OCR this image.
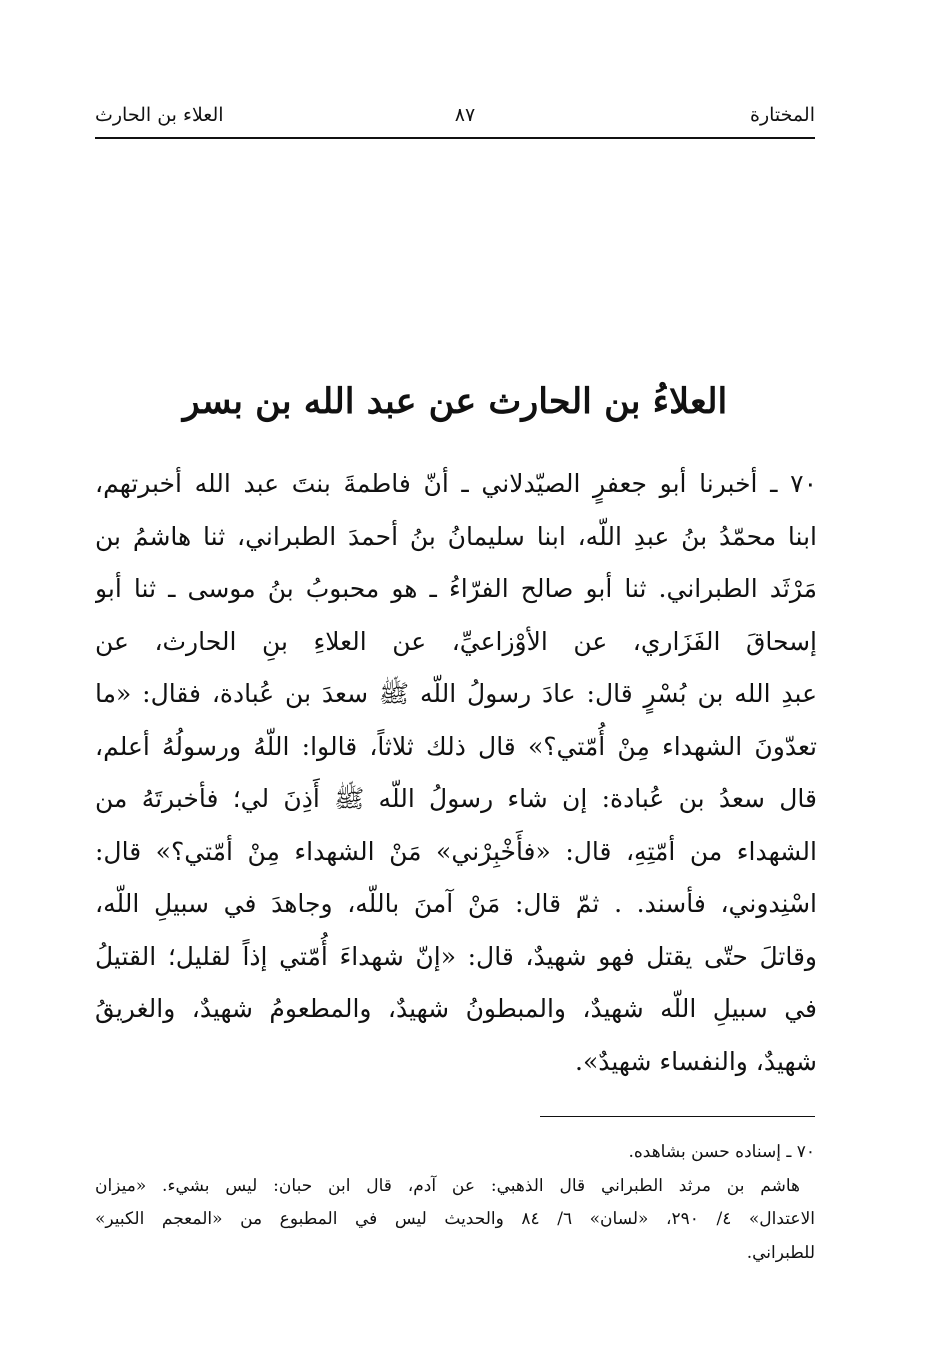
المختارة
٨٧
العلاء بن الحارث
العلاءُ بن الحارث عن عبد الله بن بسر
٧٠ ـ أخبرنا أبو جعفرٍ الصيّدلاني ـ أنّ فاطمةَ بنتَ عبد الله أخبرتهم،
ابنا محمّدُ بنُ عبدِ اللّه، ابنا سليمانُ بنُ أحمدَ الطبراني، ثنا هاشمُ بن
مَرْثَد الطبراني. ثنا أبو صالح الفرّاءُ ـ هو محبوبُ بنُ موسى ـ ثنا أبو
إسحاقَ الفَزَاري، عن الأوْزاعيِّ، عن العلاءِ بنِ الحارث، عن
عبدِ الله بن بُسْرٍ قال: عادَ رسولُ اللّه ﷺ سعدَ بن عُبادة، فقال: «ما
تعدّونَ الشهداء مِنْ أُمّتي؟» قال ذلك ثلاثاً، قالوا: اللّهُ ورسولُهُ أعلم،
قال سعدُ بن عُبادة: إن شاء رسولُ اللّه ﷺ أَذِنَ لي؛ فأخبرتَهُ من
الشهداء من أمّتِهِ، قال: «فأَخْبِرْني» مَنْ الشهداء مِنْ أمّتي؟» قال:
اسْنِدوني، فأسند. . ثمّ قال: مَنْ آمنَ باللّه، وجاهدَ في سبيلِ اللّه،
وقاتلَ حتّى يقتل فهو شهيدٌ، قال: «إنّ شهداءَ أُمّتي إذاً لقليل؛ القتيلُ
في سبيلِ اللّه شهيدٌ، والمبطونُ شهيدٌ، والمطعومُ شهيدٌ، والغريقُ
شهيدٌ، والنفساء شهيدٌ».
٧٠ ـ إسناده حسن بشاهده.
هاشم بن مرثد الطبراني قال الذهبي: عن آدم، قال ابن حبان: ليس بشيء. «ميزان
الاعتدال» ٤/ ٢٩٠، «لسان» ٦/ ٨٤ والحديث ليس في المطبوع من «المعجم الكبير»
للطبراني.
